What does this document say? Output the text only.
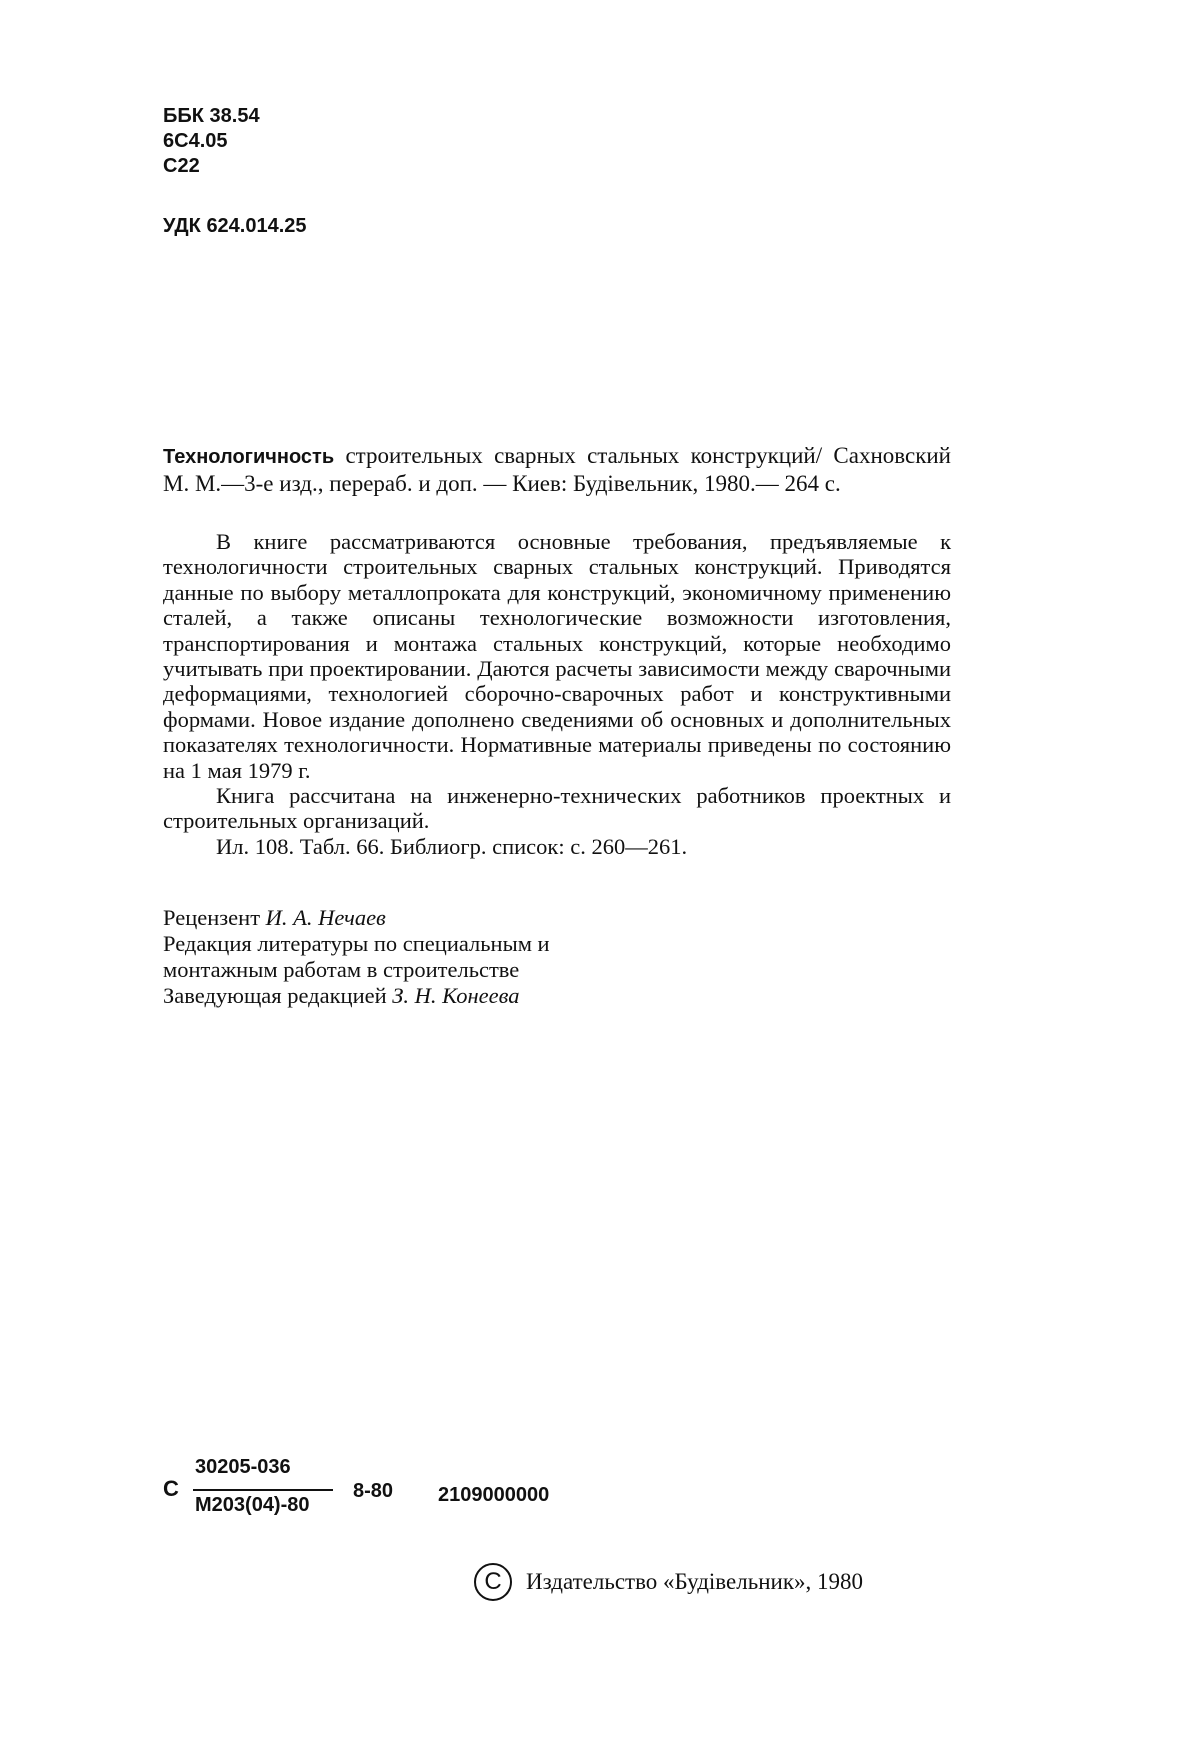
ББК 38.54
6С4.05
С22
УДК 624.014.25
Технологичность строительных сварных стальных конструкций/ Сахновский М. М.—3-е изд., перераб. и доп. — Киев: Будiвельник, 1980.— 264 с.

В книге рассматриваются основные требования, предъявляемые к технологичности строительных сварных стальных конструкций. Приводятся данные по выбору металлопроката для конструкций, экономичному применению сталей, а также описаны технологические возможности изготовления, транспортирования и монтажа стальных конструкций, которые необходимо учитывать при проектировании. Даются расчеты зависимости между сварочными деформациями, технологией сборочно-сварочных работ и конструктивными формами. Новое издание дополнено сведениями об основных и дополнительных показателях технологичности. Нормативные материалы приведены по состоянию на 1 мая 1979 г.

Книга рассчитана на инженерно-технических работников проектных и строительных организаций.

Ил. 108. Табл. 66. Библиогр. список: с. 260—261.

Рецензент И. А. Нечаев
Редакция литературы по специальным и
монтажным работам в строительстве
Заведующая редакцией З. Н. Конеева
С
30205-036
М203(04)-80
8-80 2109000000
C	Издательство «Будiвельник», 1980
